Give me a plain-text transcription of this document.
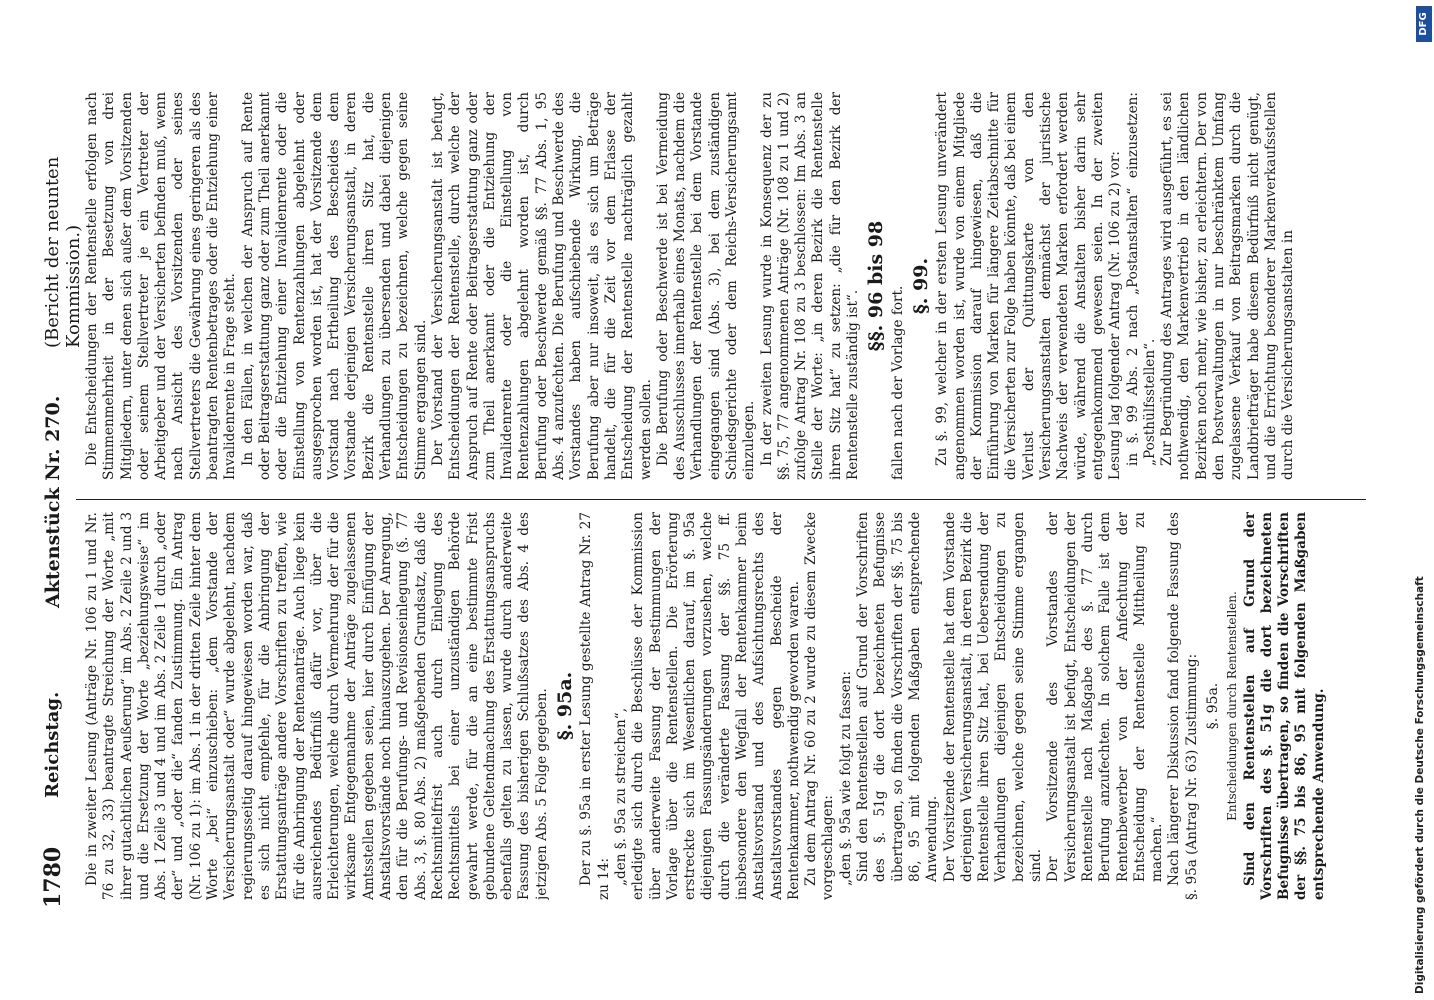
1780
Reichstag.
Aktenstück Nr. 270.
(Bericht der neunten Kommission.)

Die in zweiter Lesung (Anträge Nr. 106 zu 1 und Nr. 76 zu 32, 33) beantragte Streichung der Worte „mit ihrer gutachtlichen Aeußerung“ im Abs. 2 Zeile 2 und 3 und die Ersetzung der Worte „beziehungsweise“ im Abs. 1 Zeile 3 und 4 und im Abs. 2 Zeile 1 durch „oder der“ und „oder die“ fanden Zustimmung. Ein Antrag (Nr. 106 zu 1): im Abs. 1 in der dritten Zeile hinter dem Worte „bei“ einzuschieben: „dem Vorstande der Versicherungsanstalt oder“ wurde abgelehnt, nachdem regierungsseitig darauf hingewiesen worden war, daß es sich nicht empfehle, für die Anbringung der Erstattungsanträge andere Vorschriften zu treffen, wie für die Anbringung der Rentenanträge. Auch liege kein ausreichendes Bedürfniß dafür vor, über die Erleichterungen, welche durch Vermehrung der für die wirksame Entgegennahme der Anträge zugelassenen Amtsstellen gegeben seien, hier durch Einfügung der Anstaltsvorstände noch hinauszugehen. Der Anregung, den für die Berufungs- und Revisionseinlegung (§. 77 Abs. 3, §. 80 Abs. 2) maßgebenden Grundsatz, daß die Rechtsmittelfrist auch durch Einlegung des Rechtsmittels bei einer unzuständigen Behörde gewahrt werde, für die an eine bestimmte Frist gebundene Geltendmachung des Erstattungsanspruchs ebenfalls gelten zu lassen, wurde durch anderweite Fassung des bisherigen Schlußsatzes des Abs. 4 des jetzigen Abs. 5 Folge gegeben. §. 95a. Der zu §. 95a in erster Lesung gestellte Antrag Nr. 27 zu 14: „den §. 95a zu streichen“, erledigte sich durch die Beschlüsse der Kommission über anderweite Fassung der Bestimmungen der Vorlage über die Rentenstellen. Die Erörterung erstreckte sich im Wesentlichen darauf, im §. 95a diejenigen Fassungsänderungen vorzusehen, welche durch die veränderte Fassung der §§. 75 ff. insbesondere den Wegfall der Rentenkammer beim Anstaltsvorstand und des Aufsichtungsrechts des Anstaltsvorstandes gegen Bescheide der Rentenkammer, nothwendig geworden waren. Zu dem Antrag Nr. 60 zu 2 wurde zu diesem Zwecke vorgeschlagen: „den §. 95a wie folgt zu fassen: Sind den Rentenstellen auf Grund der Vorschriften des §. 51g die dort bezeichneten Befugnisse übertragen, so finden die Vorschriften der §§. 75 bis 86, 95 mit folgenden Maßgaben entsprechende Anwendung. Der Vorsitzende der Rentenstelle hat dem Vorstande derjenigen Versicherungsanstalt, in deren Bezirk die Rentenstelle ihren Sitz hat, bei Uebersendung der Verhandlungen diejenigen Entscheidungen zu bezeichnen, welche gegen seine Stimme ergangen sind. Der Vorsitzende des Vorstandes der Versicherungsanstalt ist befugt, Entscheidungen der Rentenstelle nach Maßgabe des §. 77 durch Berufung anzufechten. In solchem Falle ist dem Rentenbewerber von der Anfechtung der Entscheidung der Rentenstelle Mittheilung zu machen.“ Nach längerer Diskussion fand folgende Fassung des §. 95a (Antrag Nr. 63) Zustimmung: §. 95a. Entscheidungen durch Rentenstellen. Sind den Rentenstellen auf Grund der Vorschriften des §. 51g die dort bezeichneten Befugnisse übertragen, so finden die Vorschriften der §§. 75 bis 86, 95 mit folgenden Maßgaben entsprechende Anwendung.

Die Entscheidungen der Rentenstelle erfolgen nach Stimmenmehrheit in der Besetzung von drei Mitgliedern, unter denen sich außer dem Vorsitzenden oder seinem Stellvertreter je ein Vertreter der Arbeitgeber und der Versicherten befinden muß, wenn nach Ansicht des Vorsitzenden oder seines Stellvertreters die Gewährung eines geringeren als des beantragten Rentenbetrages oder die Entziehung einer Invalidenrente in Frage steht. In den Fällen, in welchen der Anspruch auf Rente oder Beitragserstattung ganz oder zum Theil anerkannt oder die Entziehung einer Invalidenrente oder die Einstellung von Rentenzahlungen abgelehnt oder ausgesprochen worden ist, hat der Vorsitzende dem Vorstand nach Ertheilung des Bescheides dem Vorstande derjenigen Versicherungsanstalt, in deren Bezirk die Rentenstelle ihren Sitz hat, die Verhandlungen zu übersenden und dabei diejenigen Entscheidungen zu bezeichnen, welche gegen seine Stimme ergangen sind. Der Vorstand der Versicherungsanstalt ist befugt, Entscheidungen der Rentenstelle, durch welche der Anspruch auf Rente oder Beitragserstattung ganz oder zum Theil anerkannt oder die Entziehung der Invalidenrente oder die Einstellung von Rentenzahlungen abgelehnt worden ist, durch Berufung oder Beschwerde gemäß §§. 77 Abs. 1, 95 Abs. 4 anzufechten. Die Berufung und Beschwerde des Vorstandes haben aufschiebende Wirkung, die Berufung aber nur insoweit, als es sich um Beträge handelt, die für die Zeit vor dem Erlasse der Entscheidung der Rentenstelle nachträglich gezahlt werden sollen. Die Berufung oder Beschwerde ist bei Vermeidung des Ausschlusses innerhalb eines Monats, nachdem die Verhandlungen der Rentenstelle bei dem Vorstande eingegangen sind (Abs. 3), bei dem zuständigen Schiedsgerichte oder dem Reichs-Versicherungsamt einzulegen. In der zweiten Lesung wurde in Konsequenz der zu §§. 75, 77 angenommenen Anträge (Nr. 108 zu 1 und 2) zufolge Antrag Nr. 108 zu 3 beschlossen: Im Abs. 3 an Stelle der Worte: „in deren Bezirk die Rentenstelle ihren Sitz hat“ zu setzen: „die für den Bezirk der Rentenstelle zuständig ist“.

§§. 96 bis 98 fallen nach der Vorlage fort. §. 99. Zu §. 99, welcher in der ersten Lesung unverändert angenommen worden ist, wurde von einem Mitgliede der Kommission darauf hingewiesen, daß die Einführung von Marken für längere Zeitabschnitte für die Versicherten zur Folge haben könnte, daß bei einem Verlust der Quittungskarte von den Versicherungsanstalten demnächst der juristische Nachweis der verwendeten Marken erfordert werden würde, während die Anstalten bisher darin sehr entgegenkommend gewesen seien. In der zweiten Lesung lag folgender Antrag (Nr. 106 zu 2) vor: in §. 99 Abs. 2 nach „Postanstalten“ einzusetzen: „Posthülfsstellen“. Zur Begründung des Antrages wird ausgeführt, es sei nothwendig, den Markenvertrieb in den ländlichen Bezirken noch mehr, wie bisher, zu erleichtern. Der von den Postverwaltungen in nur beschränktem Umfang zugelassene Verkauf von Beitragsmarken durch die Landbriefträger habe diesem Bedürfniß nicht genügt, und die Errichtung besonderer Markenverkaufsstellen durch die Versicherungsanstalten in

Digitalisierung gefördert durch die Deutsche Forschungsgemeinschaft
DFG
